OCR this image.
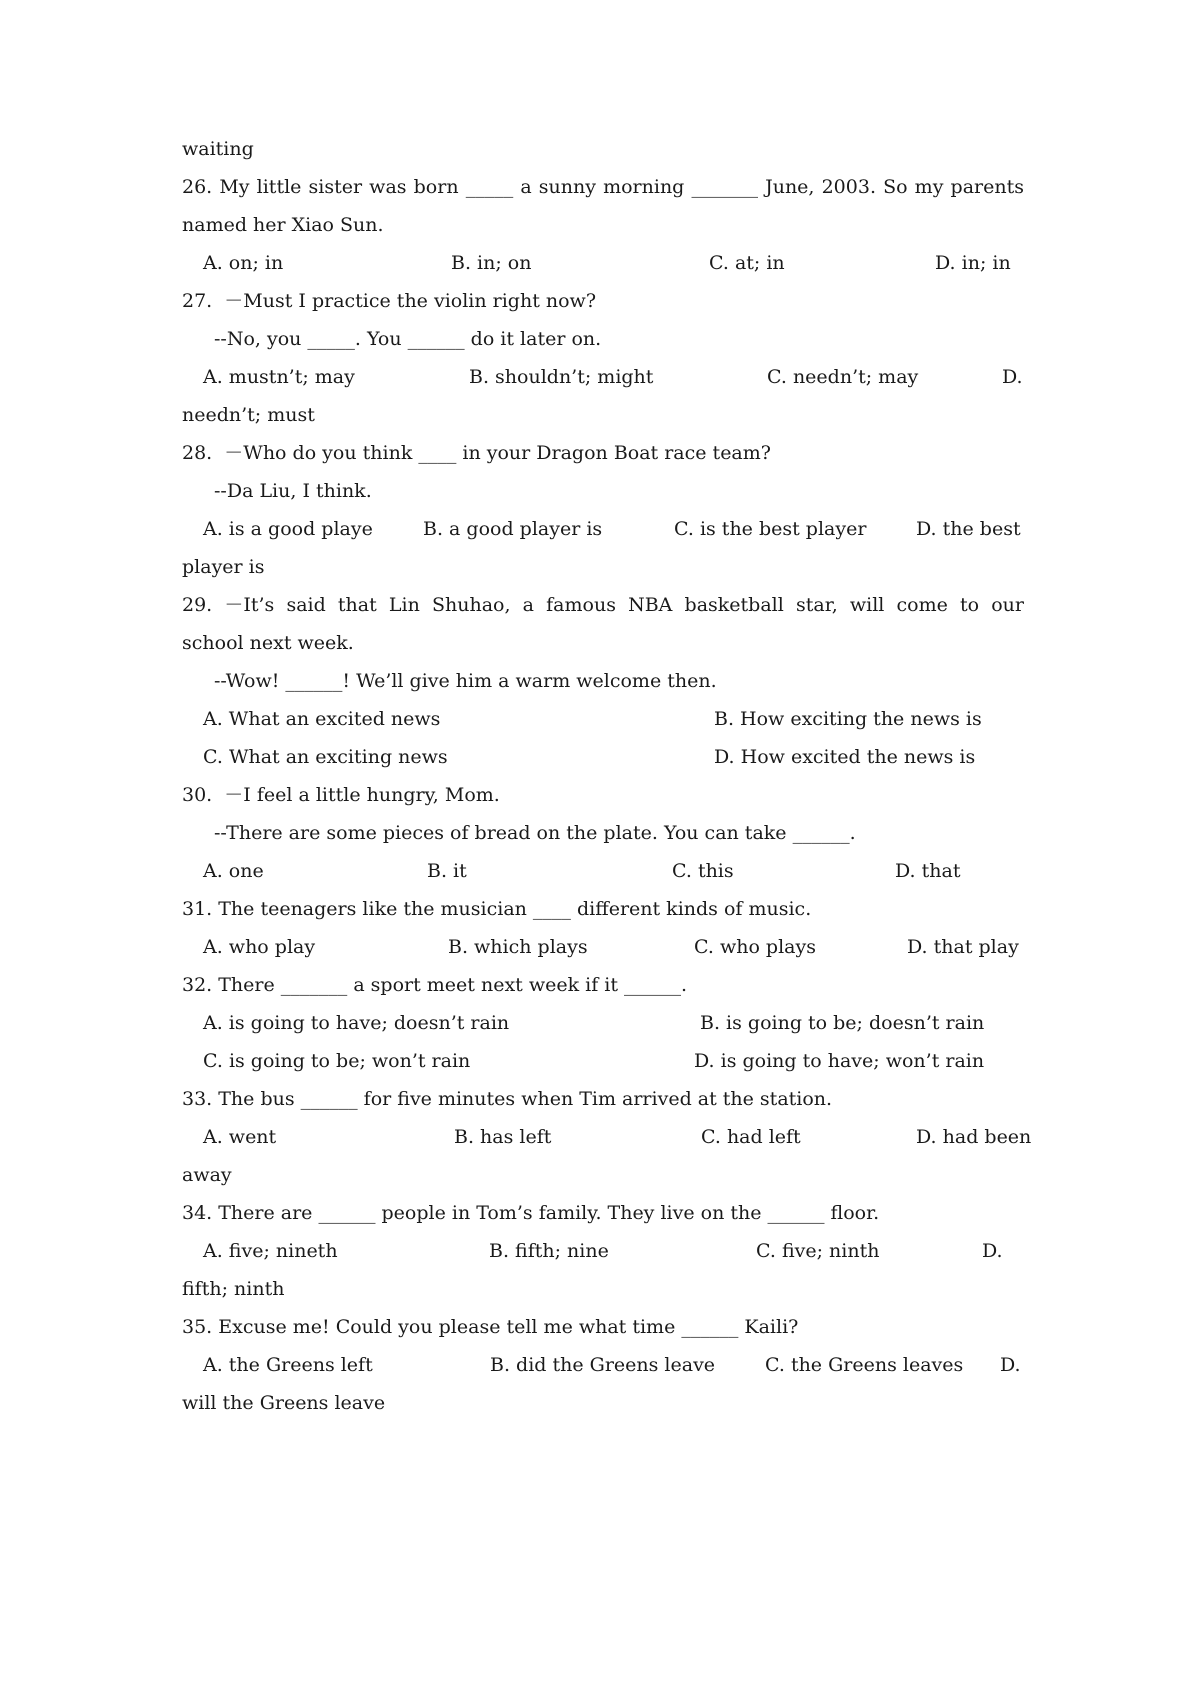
waiting
26. My little sister was born _____ a sunny morning _______ June, 2003. So my parents
named her Xiao Sun.

A. on; in

	B. in; on

	C. at; in

	D. in; in

27.  －Must I practice the violin right now?
--No, you _____. You ______ do it later on.

A. mustn’t; may

	B. shouldn’t; might

	C. needn’t; may

	D.

needn’t; must
28.  －Who do you think ____ in your Dragon Boat race team?
--Da Liu, I think.

A. is a good playe

	B. a good player is

	C. is the best player

	D. the best

player is
29. －It’s said that Lin Shuhao, a famous NBA basketball star, will come to our
school next week.
--Wow! ______! We’ll give him a warm welcome then.

A. What an excited news

	B. How exciting the news is

C. What an exciting news

	D. How excited the news is

30.  －I feel a little hungry, Mom.
--There are some pieces of bread on the plate. You can take ______.

A. one

	B. it

	C. this

	D. that

31. The teenagers like the musician ____ different kinds of music.

A. who play

	B. which plays

	C. who plays

	D. that play

32. There _______ a sport meet next week if it ______.

A. is going to have; doesn’t rain

	B. is going to be; doesn’t rain

C. is going to be; won’t rain

	D. is going to have; won’t rain

33. The bus ______ for five minutes when Tim arrived at the station.

A. went

	B. has left

	C. had left

	D. had been

away
34. There are ______ people in Tom’s family. They live on the ______ floor.

A. five; nineth

	B. fifth; nine

	C. five; ninth

	D.

fifth; ninth
35. Excuse me! Could you please tell me what time ______ Kaili?

A. the Greens left

	B. did the Greens leave

	C. the Greens leaves

D.

will the Greens leave
